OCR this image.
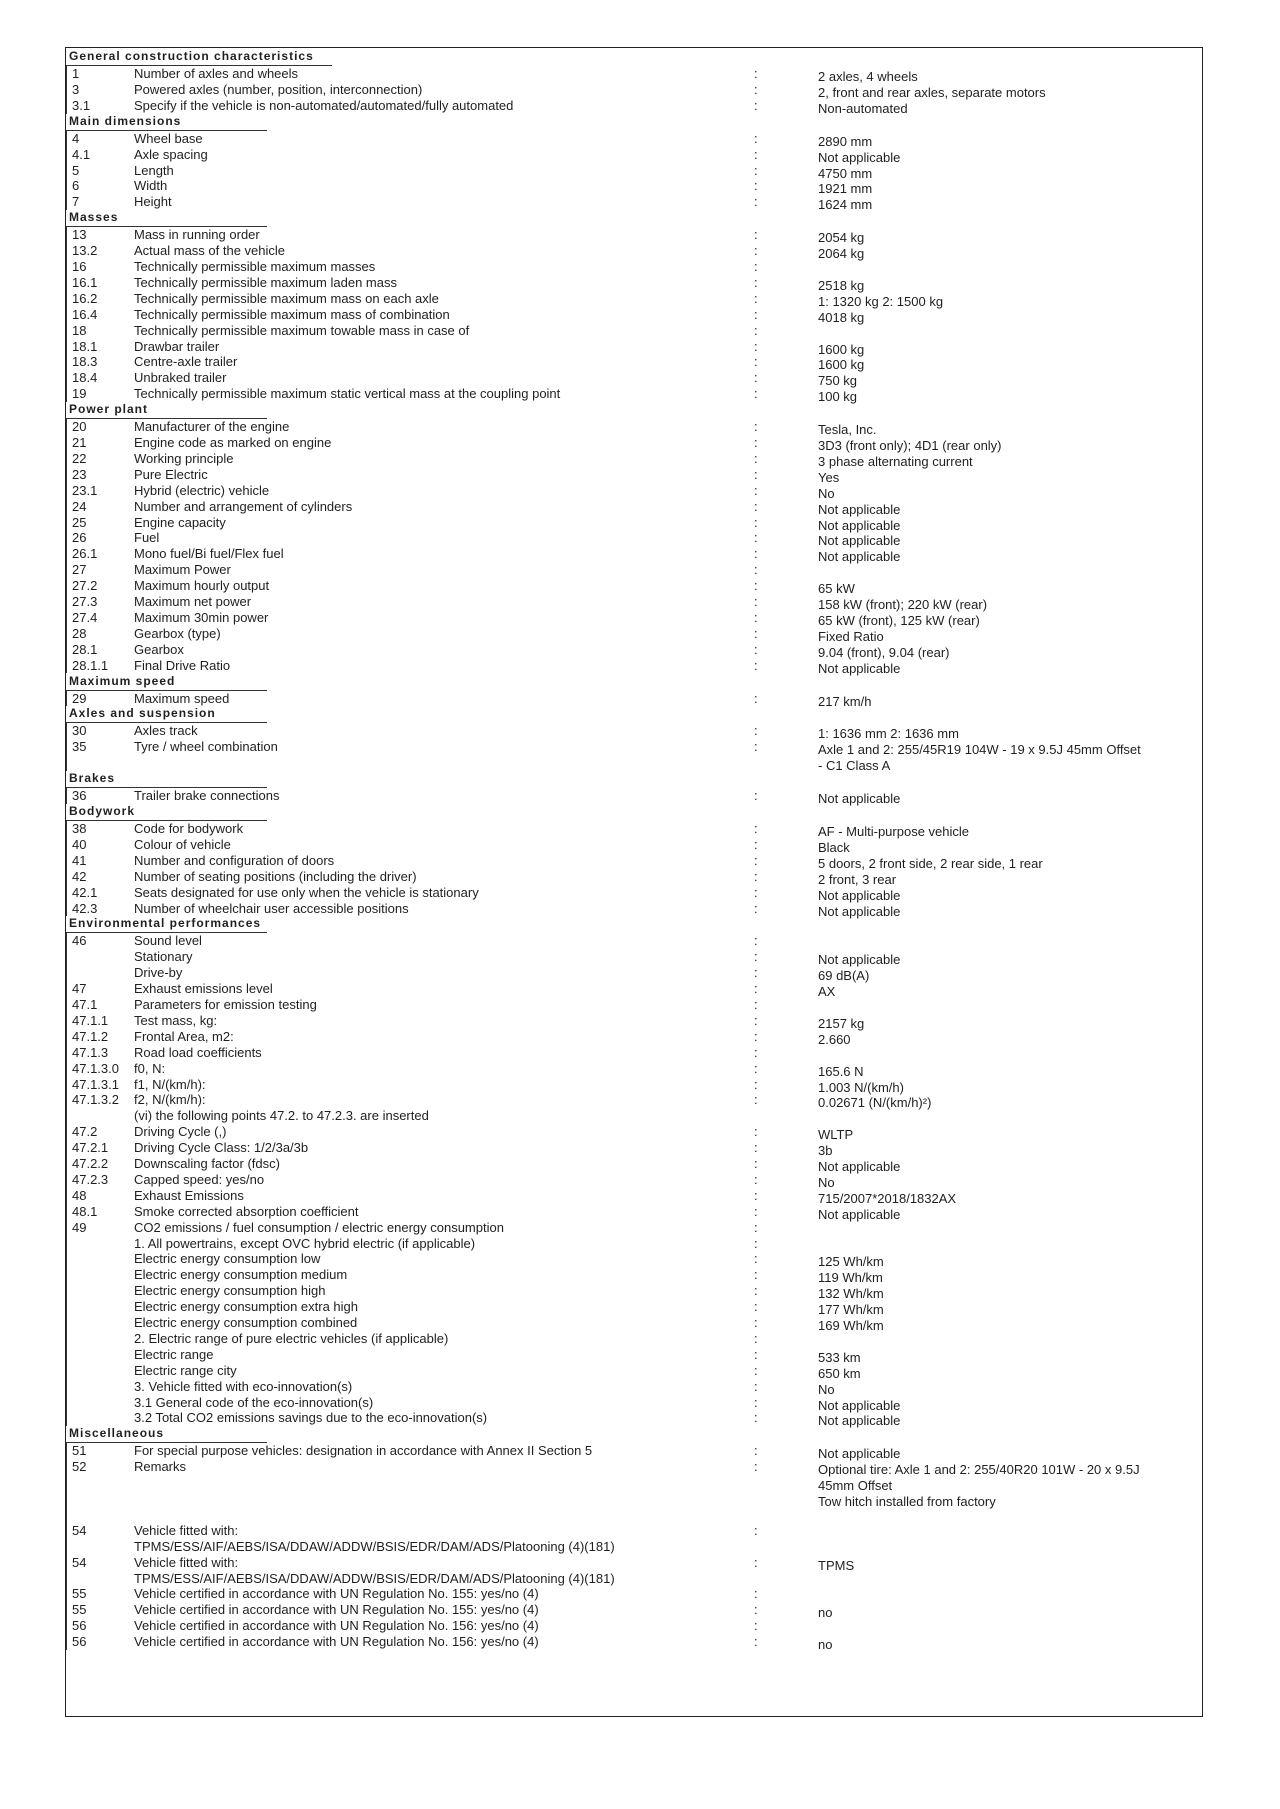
General construction characteristics
1	Number of axles and wheels	:	2 axles, 4 wheels
3	Powered axles (number, position, interconnection)	:	2, front and rear axles, separate motors
3.1	Specify if the vehicle is non-automated/automated/fully automated	:	Non-automated
Main dimensions
4	Wheel base	:	2890 mm
4.1	Axle spacing	:	Not applicable
5	Length	:	4750 mm
6	Width	:	1921 mm
7	Height	:	1624 mm
Masses
13	Mass in running order	:	2054 kg
13.2	Actual mass of the vehicle	:	2064 kg
16	Technically permissible maximum masses	:
16.1	Technically permissible maximum laden mass	:	2518 kg
16.2	Technically permissible maximum mass on each axle	:	1: 1320 kg 2: 1500 kg
16.4	Technically permissible maximum mass of combination	:	4018 kg
18	Technically permissible maximum towable mass in case of	:
18.1	Drawbar trailer	:	1600 kg
18.3	Centre-axle trailer	:	1600 kg
18.4	Unbraked trailer	:	750 kg
19	Technically permissible maximum static vertical mass at the coupling point	:	100 kg
Power plant
20	Manufacturer of the engine	:	Tesla, Inc.
21	Engine code as marked on engine	:	3D3 (front only); 4D1 (rear only)
22	Working principle	:	3 phase alternating current
23	Pure Electric	:	Yes
23.1	Hybrid (electric) vehicle	:	No
24	Number and arrangement of cylinders	:	Not applicable
25	Engine capacity	:	Not applicable
26	Fuel	:	Not applicable
26.1	Mono fuel/Bi fuel/Flex fuel	:	Not applicable
27	Maximum Power	:
27.2	Maximum hourly output	:	65 kW
27.3	Maximum net power	:	158 kW (front); 220 kW (rear)
27.4	Maximum 30min power	:	65 kW (front), 125 kW (rear)
28	Gearbox (type)	:	Fixed Ratio
28.1	Gearbox	:	9.04 (front), 9.04 (rear)
28.1.1 Final Drive Ratio	:	Not applicable
Maximum speed
29	Maximum speed	:	217 km/h
Axles and suspension
30	Axles track	:	1: 1636 mm 2: 1636 mm
35	Tyre / wheel combination	:	Axle 1 and 2: 255/45R19 104W - 19 x 9.5J 45mm Offset
- C1 Class A
Brakes
36	Trailer brake connections	:	Not applicable
Bodywork
38	Code for bodywork	:	AF - Multi-purpose vehicle
40	Colour of vehicle	:	Black
41	Number and configuration of doors	:	5 doors, 2 front side, 2 rear side, 1 rear
42	Number of seating positions (including the driver)	:	2 front, 3 rear
42.1	Seats designated for use only when the vehicle is stationary	:	Not applicable
42.3	Number of wheelchair user accessible positions	:	Not applicable
Environmental performances
46	Sound level	:
Stationary	:	Not applicable
Drive-by	:	69 dB(A)
47	Exhaust emissions level	:	AX
47.1	Parameters for emission testing	:
47.1.1 Test mass, kg:	:	2157 kg
47.1.2 Frontal Area, m2:	:	2.660
47.1.3 Road load coefficients	:
47.1.3.0 f0, N:	:	165.6 N
47.1.3.1 f1, N/(km/h):	:	1.003 N/(km/h)
47.1.3.2 f2, N/(km/h):	:	0.02671 (N/(km/h)²)
(vi) the following points 47.2. to 47.2.3. are inserted
47.2	Driving Cycle (,)	:	WLTP
47.2.1 Driving Cycle Class: 1/2/3a/3b	:	3b
47.2.2 Downscaling factor (fdsc)	:	Not applicable
47.2.3 Capped speed: yes/no	:	No
48	Exhaust Emissions	:	715/2007*2018/1832AX
48.1	Smoke corrected absorption coefficient	:	Not applicable
49	CO2 emissions / fuel consumption / electric energy consumption	:
1. All powertrains, except OVC hybrid electric (if applicable)	:
Electric energy consumption low	:	125 Wh/km
Electric energy consumption medium	:	119 Wh/km
Electric energy consumption high	:	132 Wh/km
Electric energy consumption extra high	:	177 Wh/km
Electric energy consumption combined	:	169 Wh/km
2. Electric range of pure electric vehicles (if applicable)	:
Electric range	:	533 km
Electric range city	:	650 km
3. Vehicle fitted with eco-innovation(s)	:	No
3.1 General code of the eco-innovation(s)	:	Not applicable
3.2 Total CO2 emissions savings due to the eco-innovation(s)	:	Not applicable
Miscellaneous
51	For special purpose vehicles: designation in accordance with Annex II Section 5	:	Not applicable
52	Remarks	:	Optional tire: Axle 1 and 2: 255/40R20 101W - 20 x 9.5J
45mm Offset
Tow hitch installed from factory
54	Vehicle fitted with:	:
TPMS/ESS/AIF/AEBS/ISA/DDAW/ADDW/BSIS/EDR/DAM/ADS/Platooning (4)(181)
54	Vehicle fitted with:	:	TPMS
TPMS/ESS/AIF/AEBS/ISA/DDAW/ADDW/BSIS/EDR/DAM/ADS/Platooning (4)(181)
55	Vehicle certified in accordance with UN Regulation No. 155: yes/no (4)	:
55	Vehicle certified in accordance with UN Regulation No. 155: yes/no (4)	:	no
56	Vehicle certified in accordance with UN Regulation No. 156: yes/no (4)	:
56	Vehicle certified in accordance with UN Regulation No. 156: yes/no (4)	:	no
